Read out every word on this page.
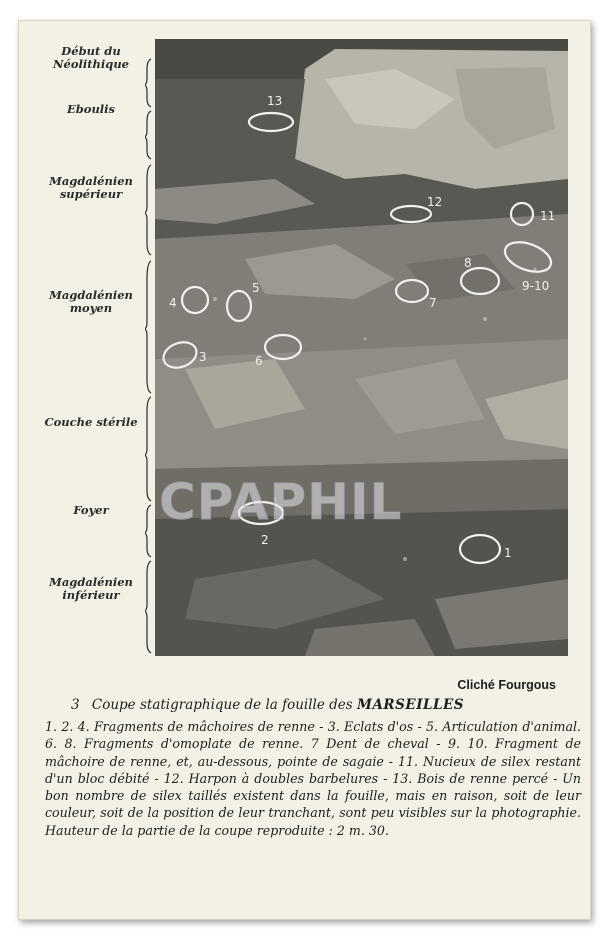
Début du Néolithique
Eboulis
Magdalénien supérieur
Magdalénien moyen
Couche stérile
Foyer
Magdalénien inférieur
13
12
11
8
9-10
4
5
7
3	6
2
1
CPAPHIL
Cliché Fourgous
3 Coupe statigraphique de la fouille des MARSEILLES
1. 2. 4. Fragments de mâchoires de renne - 3. Eclats d'os - 5. Articulation d'animal. 6. 8. Fragments d'omoplate de renne. 7 Dent de cheval - 9. 10. Fragment de mâchoire de renne, et, au-dessous, pointe de sagaie - 11. Nucieux de silex restant d'un bloc débité - 12. Harpon à doubles barbelures - 13. Bois de renne percé - Un bon nombre de silex taillés existent dans la fouille, mais en raison, soit de leur couleur, soit de la position de leur tranchant, sont peu visibles sur la photographie. Hauteur de la partie de la coupe reproduite : 2 m. 30.
